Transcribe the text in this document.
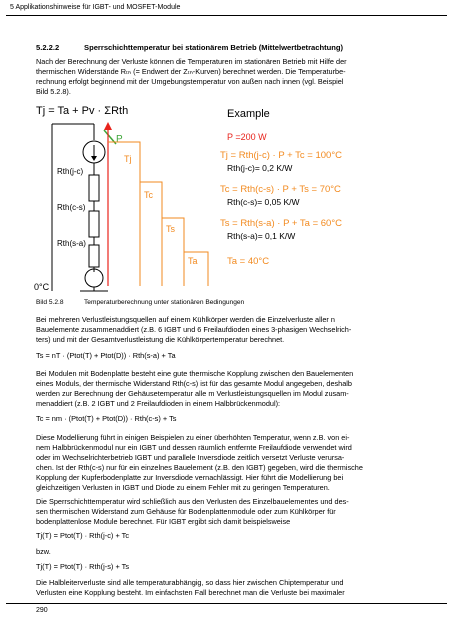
5 Applikationshinweise für IGBT- und MOSFET-Module
5.2.2.2	Sperrschichttemperatur bei stationärem Betrieb (Mittelwertbetrachtung)
Nach der Berechnung der Verluste können die Temperaturen im stationären Betrieb mit Hilfe der
thermischen Widerstände Rₜₕ (= Endwert der Zₜₕ-Kurven) berechnet werden. Die Temperaturbe-
rechnung erfolgt beginnend mit der Umgebungstemperatur von außen nach innen (vgl. Beispiel
Bild 5.2.8).
Tj = Ta + Pv · ΣRth	Example
Rth(j-c)
Rth(c-s)
Rth(s-a)
0°C
P
Tj
Tc
Ts
Ta
P =200 W
Tj = Rth(j-c) · P + Tc = 100°C
Rth(j-c)= 0,2 K/W
Tc = Rth(c-s) · P + Ts = 70°C
Rth(c-s)= 0,05 K/W
Ts = Rth(s-a) · P + Ta = 60°C
Rth(s-a)= 0,1 K/W
Ta = 40°C
Bild 5.2.8	Temperaturberechnung unter stationären Bedingungen
Bei mehreren Verlustleistungsquellen auf einem Kühlkörper werden die Einzelverluste aller n
Bauelemente zusammenaddiert (z.B. 6 IGBT und 6 Freilaufdioden eines 3-phasigen Wechselrich-
ters) und mit der Gesamtverlustleistung die Kühlkörpertemperatur berechnet.
Ts = nT · (Ptot(T) + Ptot(D)) · Rth(s-a) + Ta
Bei Modulen mit Bodenplatte besteht eine gute thermische Kopplung zwischen den Bauelementen
eines Moduls, der thermische Widerstand Rth(c-s) ist für das gesamte Modul angegeben, deshalb
werden zur Berechnung der Gehäusetemperatur alle m Verlustleistungsquellen im Modul zusam-
menaddiert (z.B. 2 IGBT und 2 Freilaufdioden in einem Halbbrückenmodul):
Tc = nm · (Ptot(T) + Ptot(D)) · Rth(c-s) + Ts
Diese Modellierung führt in einigen Beispielen zu einer überhöhten Temperatur, wenn z.B. von ei-
nem Halbbrückenmodul nur ein IGBT und dessen räumlich entfernte Freilaufdiode verwendet wird
oder im Wechselrichterbetrieb IGBT und parallele Inversdiode zeitlich versetzt Verluste verursa-
chen. Ist der Rth(c-s) nur für ein einzelnes Bauelement (z.B. den IGBT) gegeben, wird die thermische
Kopplung der Kupferbodenplatte zur Inversdiode vernachlässigt. Hier führt die Modellierung bei
gleichzeitigen Verlusten in IGBT und Diode zu einem Fehler mit zu geringen Temperaturen.
Die Sperrschichttemperatur wird schließlich aus den Verlusten des Einzelbauelementes und des-
sen thermischen Widerstand zum Gehäuse für Bodenplattenmodule oder zum Kühlkörper für
bodenplattenlose Module berechnet. Für IGBT ergibt sich damit beispielsweise
Tj(T) = Ptot(T) · Rth(j-c) + Tc
bzw.
Tj(T) = Ptot(T) · Rth(j-s) + Ts
Die Halbleiterverluste sind alle temperaturabhängig, so dass hier zwischen Chiptemperatur und
Verlusten eine Kopplung besteht. Im einfachsten Fall berechnet man die Verluste bei maximaler
290
